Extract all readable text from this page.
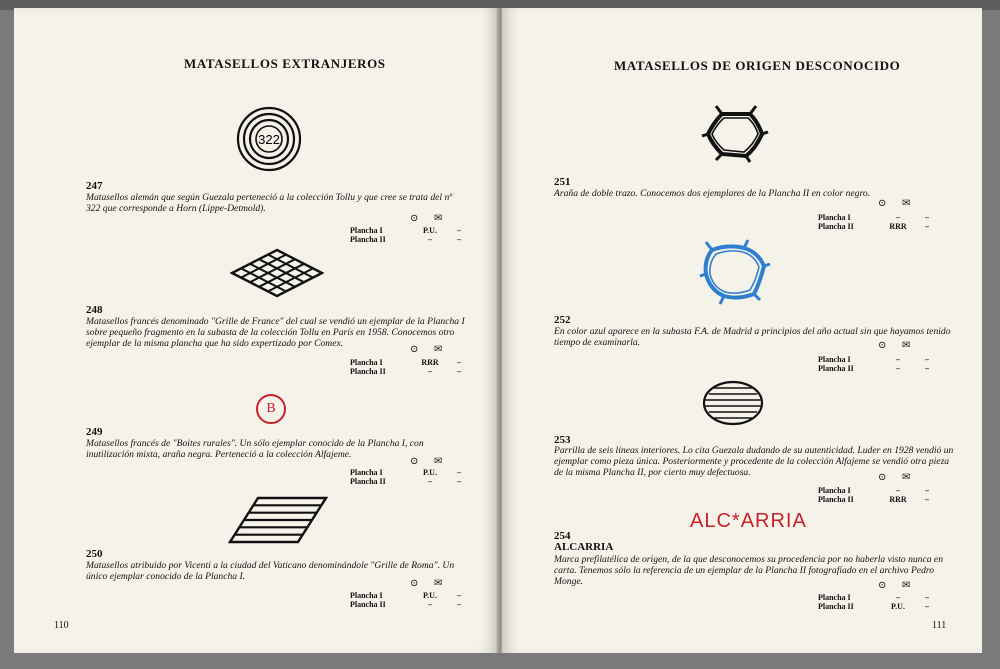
MATASELLOS EXTRANJEROS
322
247
Matasellos alemán que según Guezala perteneció a la colección Tollu y que cree se trata del nº 322 que corresponde a Horn (Lippe-Detmold).
⊙ ✉
Plancha I	P.U.	–
Plancha II	–	–
248
Matasellos francés denominado "Grille de France" del cual se vendió un ejemplar de la Plancha I sobre pequeño fragmento en la subasta de la colección Tollu en París en 1958. Conocemos otro ejemplar de la misma plancha que ha sido expertizado por Comex.
⊙ ✉
Plancha I	RRR	–
Plancha II	–	–
B
249
Matasellos francés de "Boites rurales". Un sólo ejemplar conocido de la Plancha I, con inutilización mixta, araña negra. Perteneció a la colección Alfajeme.
⊙ ✉
Plancha I	P.U.	–
Plancha II	–	–
250
Matasellos atribuido por Vicenti a la ciudad del Vaticano denominándole "Grille de Roma". Un único ejemplar conocido de la Plancha I.
⊙ ✉
Plancha I	P.U.	–
Plancha II	–	–
110
MATASELLOS DE ORIGEN DESCONOCIDO
251
Araña de doble trazo. Conocemos dos ejemplares de la Plancha II en color negro.
⊙ ✉
Plancha I	–	–
Plancha II	RRR	–
252
En color azul aparece en la subasta F.A. de Madrid a principios del año actual sin que hayamos tenido tiempo de examinarla.	⊙ ✉
Plancha I	–	–
Plancha II	–	–
253
Parrilla de seis líneas interiores. Lo cita Guezala dudando de su autenticidad. Luder en 1928 vendió un ejemplar como pieza única. Posteriormente y procedente de la colección Alfajeme se vendió otra pieza de la misma Plancha II, por cierto muy defectuosa.	⊙ ✉
Plancha I	–	–
Plancha II	RRR	–
ALC*ARRIA
254
ALCARRIA
Marca prefilatélica de origen, de la que desconocemos su procedencia por no haberla visto nunca en carta. Tenemos sólo la referencia de un ejemplar de la Plancha II fotografiado en el archivo Pedro Monge.	⊙ ✉
Plancha I	–	–
Plancha II	P.U.	–
111
